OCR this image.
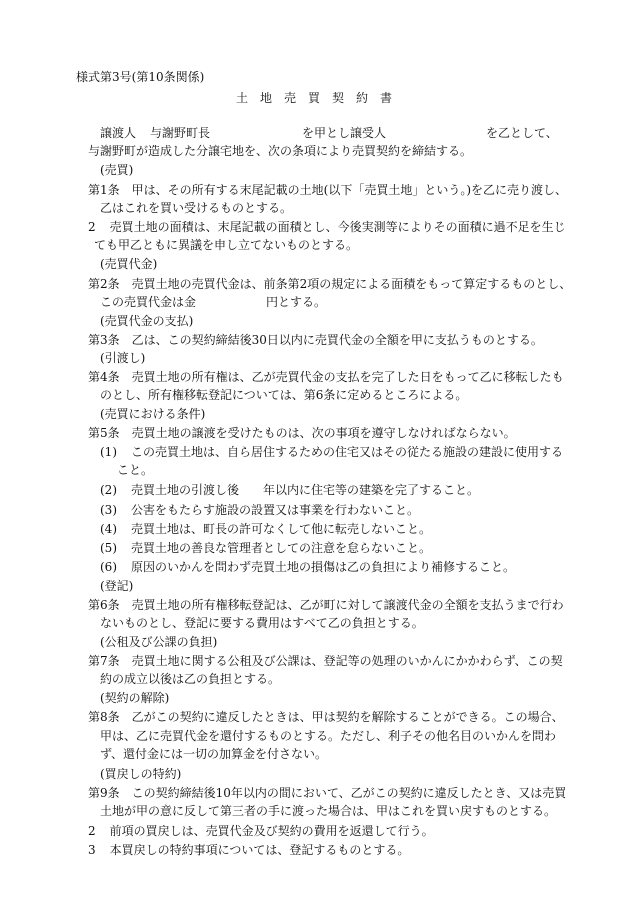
様式第3号(第10条関係)
土地売買契約書
譲渡人 与謝野町長	を甲とし譲受人	を乙として、
与謝野町が造成した分譲宅地を、次の条項により売買契約を締結する。
(売買)
第1条 甲は、その所有する末尾記載の土地(以下「売買土地」という。)を乙に売り渡し、
乙はこれを買い受けるものとする。
2 売買土地の面積は、末尾記載の面積とし、今後実測等によりその面積に過不足を生じ
ても甲乙ともに異議を申し立てないものとする。
(売買代金)
第2条 売買土地の売買代金は、前条第2項の規定による面積をもって算定するものとし、
この売買代金は金	円とする。
(売買代金の支払)
第3条 乙は、この契約締結後30日以内に売買代金の全額を甲に支払うものとする。
(引渡し)
第4条 売買土地の所有権は、乙が売買代金の支払を完了した日をもって乙に移転したも
のとし、所有権移転登記については、第6条に定めるところによる。
(売買における条件)
第5条 売買土地の譲渡を受けたものは、次の事項を遵守しなければならない。
(1) この売買土地は、自ら居住するための住宅又はその従たる施設の建設に使用する
こと。
(2) 売買土地の引渡し後 年以内に住宅等の建築を完了すること。
(3) 公害をもたらす施設の設置又は事業を行わないこと。
(4) 売買土地は、町長の許可なくして他に転売しないこと。
(5) 売買土地の善良な管理者としての注意を怠らないこと。
(6) 原因のいかんを問わず売買土地の損傷は乙の負担により補修すること。
(登記)
第6条 売買土地の所有権移転登記は、乙が町に対して譲渡代金の全額を支払うまで行わ
ないものとし、登記に要する費用はすべて乙の負担とする。
(公租及び公課の負担)
第7条 売買土地に関する公租及び公課は、登記等の処理のいかんにかかわらず、この契
約の成立以後は乙の負担とする。
(契約の解除)
第8条 乙がこの契約に違反したときは、甲は契約を解除することができる。この場合、
甲は、乙に売買代金を還付するものとする。ただし、利子その他名目のいかんを問わ
ず、還付金には一切の加算金を付さない。
(買戻しの特約)
第9条 この契約締結後10年以内の間において、乙がこの契約に違反したとき、又は売買
土地が甲の意に反して第三者の手に渡った場合は、甲はこれを買い戻すものとする。
2 前項の買戻しは、売買代金及び契約の費用を返還して行う。
3 本買戻しの特約事項については、登記するものとする。
